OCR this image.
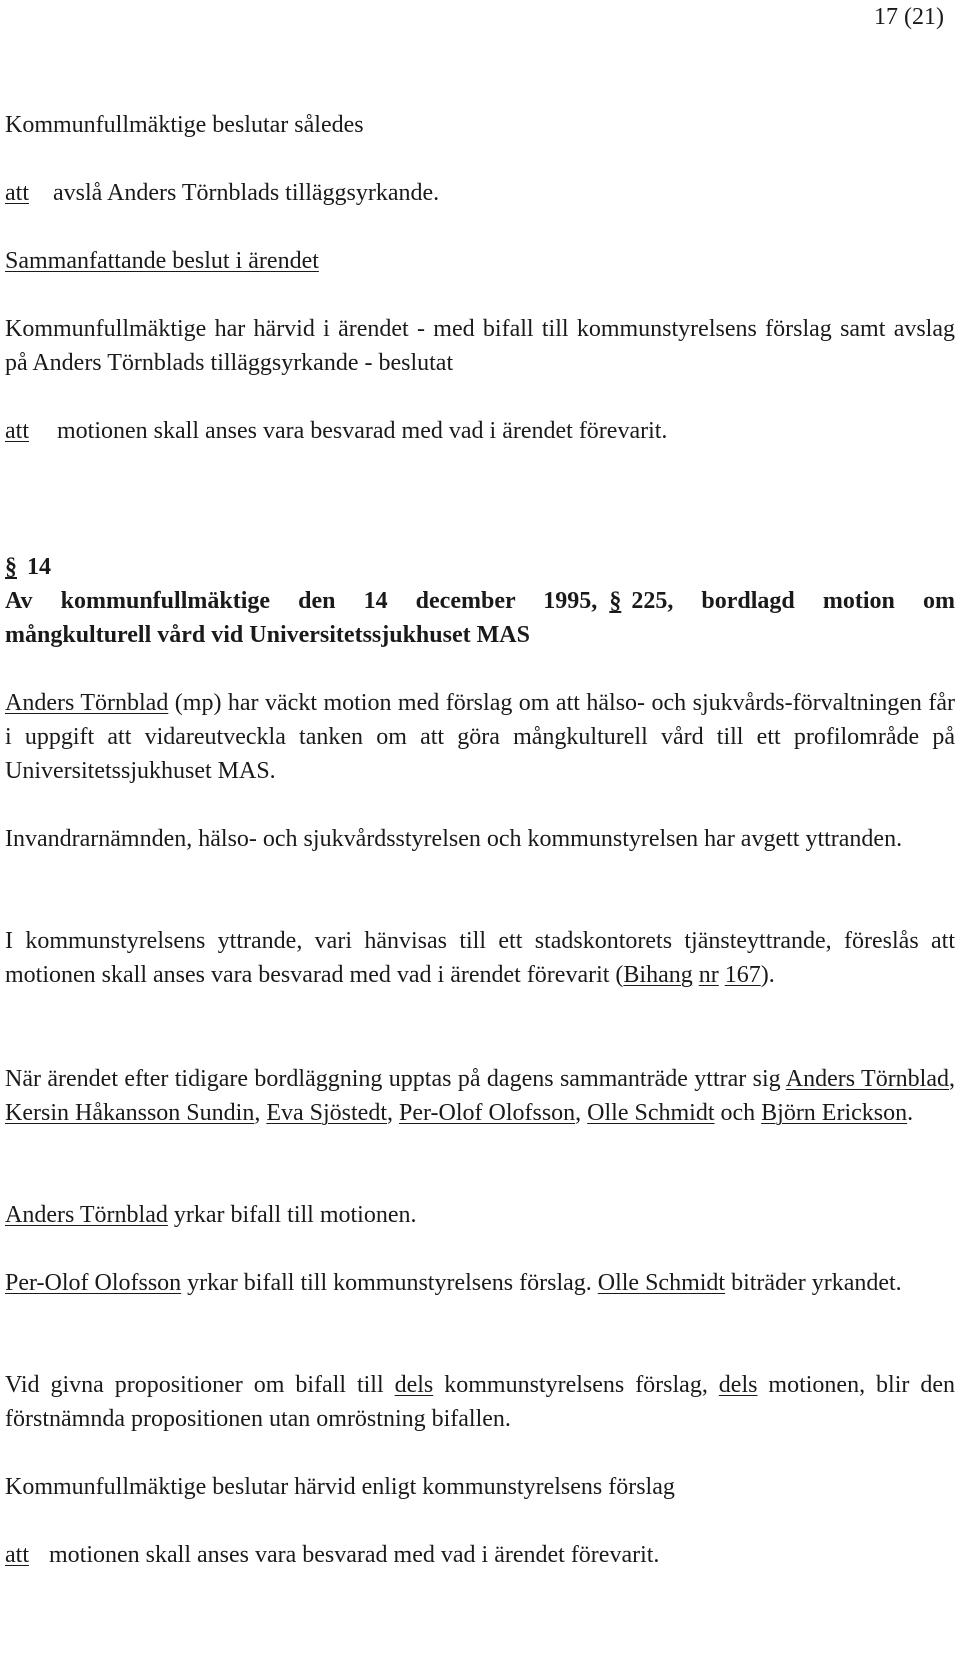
17 (21)

Kommunfullmäktige beslutar således

att avslå Anders Törnblads tilläggsyrkande.

Sammanfattande beslut i ärendet

Kommunfullmäktige har härvid i ärendet - med bifall till kommunstyrelsens förslag samt avslag på Anders Törnblads tilläggsyrkande - beslutat

att motionen skall anses vara besvarad med vad i ärendet förevarit.

§ 14
Av kommunfullmäktige den 14 december 1995, § 225, bordlagd motion om
mångkulturell vård vid Universitetssjukhuset MAS

Anders Törnblad (mp) har väckt motion med förslag om att hälso- och sjukvårds-förvaltningen får i uppgift att vidareutveckla tanken om att göra mångkulturell vård till ett profilområde på Universitetssjukhuset MAS.

Invandrarnämnden, hälso- och sjukvårdsstyrelsen och kommunstyrelsen har avgett yttranden.

I kommunstyrelsens yttrande, vari hänvisas till ett stadskontorets tjänsteyttrande, föreslås att motionen skall anses vara besvarad med vad i ärendet förevarit (Bihang nr 167).

När ärendet efter tidigare bordläggning upptas på dagens sammanträde yttrar sig Anders Törnblad, Kersin Håkansson Sundin, Eva Sjöstedt, Per-Olof Olofsson, Olle Schmidt och Björn Erickson.

Anders Törnblad yrkar bifall till motionen.

Per-Olof Olofsson yrkar bifall till kommunstyrelsens förslag. Olle Schmidt biträder yrkandet.

Vid givna propositioner om bifall till dels kommunstyrelsens förslag, dels motionen, blir den förstnämnda propositionen utan omröstning bifallen.

Kommunfullmäktige beslutar härvid enligt kommunstyrelsens förslag

att motionen skall anses vara besvarad med vad i ärendet förevarit.
